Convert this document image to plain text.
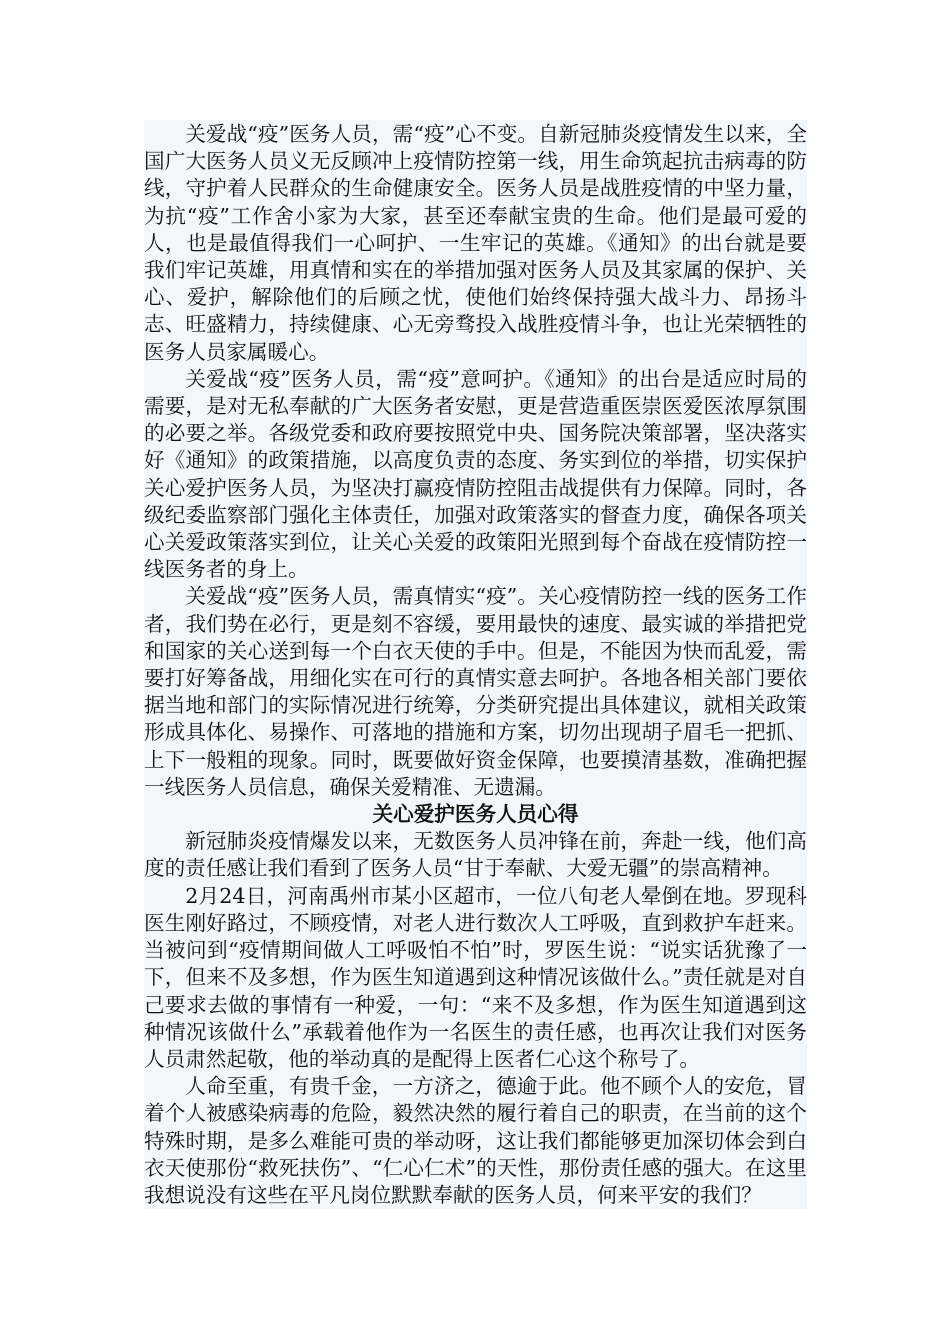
关爱战“疫”医务人员，需“疫”心不变。自新冠肺炎疫情发生以来，全国广大医务人员义无反顾冲上疫情防控第一线，用生命筑起抗击病毒的防线，守护着人民群众的生命健康安全。医务人员是战胜疫情的中坚力量，为抗“疫”工作舍小家为大家，甚至还奉献宝贵的生命。他们是最可爱的人，也是最值得我们一心呵护、一生牢记的英雄。《通知》的出台就是要我们牢记英雄，用真情和实在的举措加强对医务人员及其家属的保护、关心、爱护，解除他们的后顾之忧，使他们始终保持强大战斗力、昂扬斗志、旺盛精力，持续健康、心无旁骛投入战胜疫情斗争，也让光荣牺牲的医务人员家属暖心。

关爱战“疫”医务人员，需“疫”意呵护。《通知》的出台是适应时局的需要，是对无私奉献的广大医务者安慰，更是营造重医崇医爱医浓厚氛围的必要之举。各级党委和政府要按照党中央、国务院决策部署，坚决落实好《通知》的政策措施，以高度负责的态度、务实到位的举措，切实保护关心爱护医务人员，为坚决打赢疫情防控阻击战提供有力保障。同时，各级纪委监察部门强化主体责任，加强对政策落实的督查力度，确保各项关心关爱政策落实到位，让关心关爱的政策阳光照到每个奋战在疫情防控一线医务者的身上。

关爱战“疫”医务人员，需真情实“疫”。关心疫情防控一线的医务工作者，我们势在必行，更是刻不容缓，要用最快的速度、最实诚的举措把党和国家的关心送到每一个白衣天使的手中。但是，不能因为快而乱爱，需要打好筹备战，用细化实在可行的真情实意去呵护。各地各相关部门要依据当地和部门的实际情况进行统筹，分类研究提出具体建议，就相关政策形成具体化、易操作、可落地的措施和方案，切勿出现胡子眉毛一把抓、上下一般粗的现象。同时，既要做好资金保障，也要摸清基数，准确把握一线医务人员信息，确保关爱精准、无遗漏。

关心爱护医务人员心得

新冠肺炎疫情爆发以来，无数医务人员冲锋在前，奔赴一线，他们高度的责任感让我们看到了医务人员“甘于奉献、大爱无疆”的崇高精神。

2月24日，河南禹州市某小区超市，一位八旬老人晕倒在地。罗现科医生刚好路过，不顾疫情，对老人进行数次人工呼吸，直到救护车赶来。当被问到“疫情期间做人工呼吸怕不怕”时，罗医生说：“说实话犹豫了一下，但来不及多想，作为医生知道遇到这种情况该做什么。”责任就是对自己要求去做的事情有一种爱，一句：“来不及多想，作为医生知道遇到这种情况该做什么”承载着他作为一名医生的责任感，也再次让我们对医务人员肃然起敬，他的举动真的是配得上医者仁心这个称号了。

人命至重，有贵千金，一方济之，德逾于此。他不顾个人的安危，冒着个人被感染病毒的危险，毅然决然的履行着自己的职责，在当前的这个特殊时期，是多么难能可贵的举动呀，这让我们都能够更加深切体会到白衣天使那份“救死扶伤”、“仁心仁术”的天性，那份责任感的强大。在这里我想说没有这些在平凡岗位默默奉献的医务人员，何来平安的我们？
